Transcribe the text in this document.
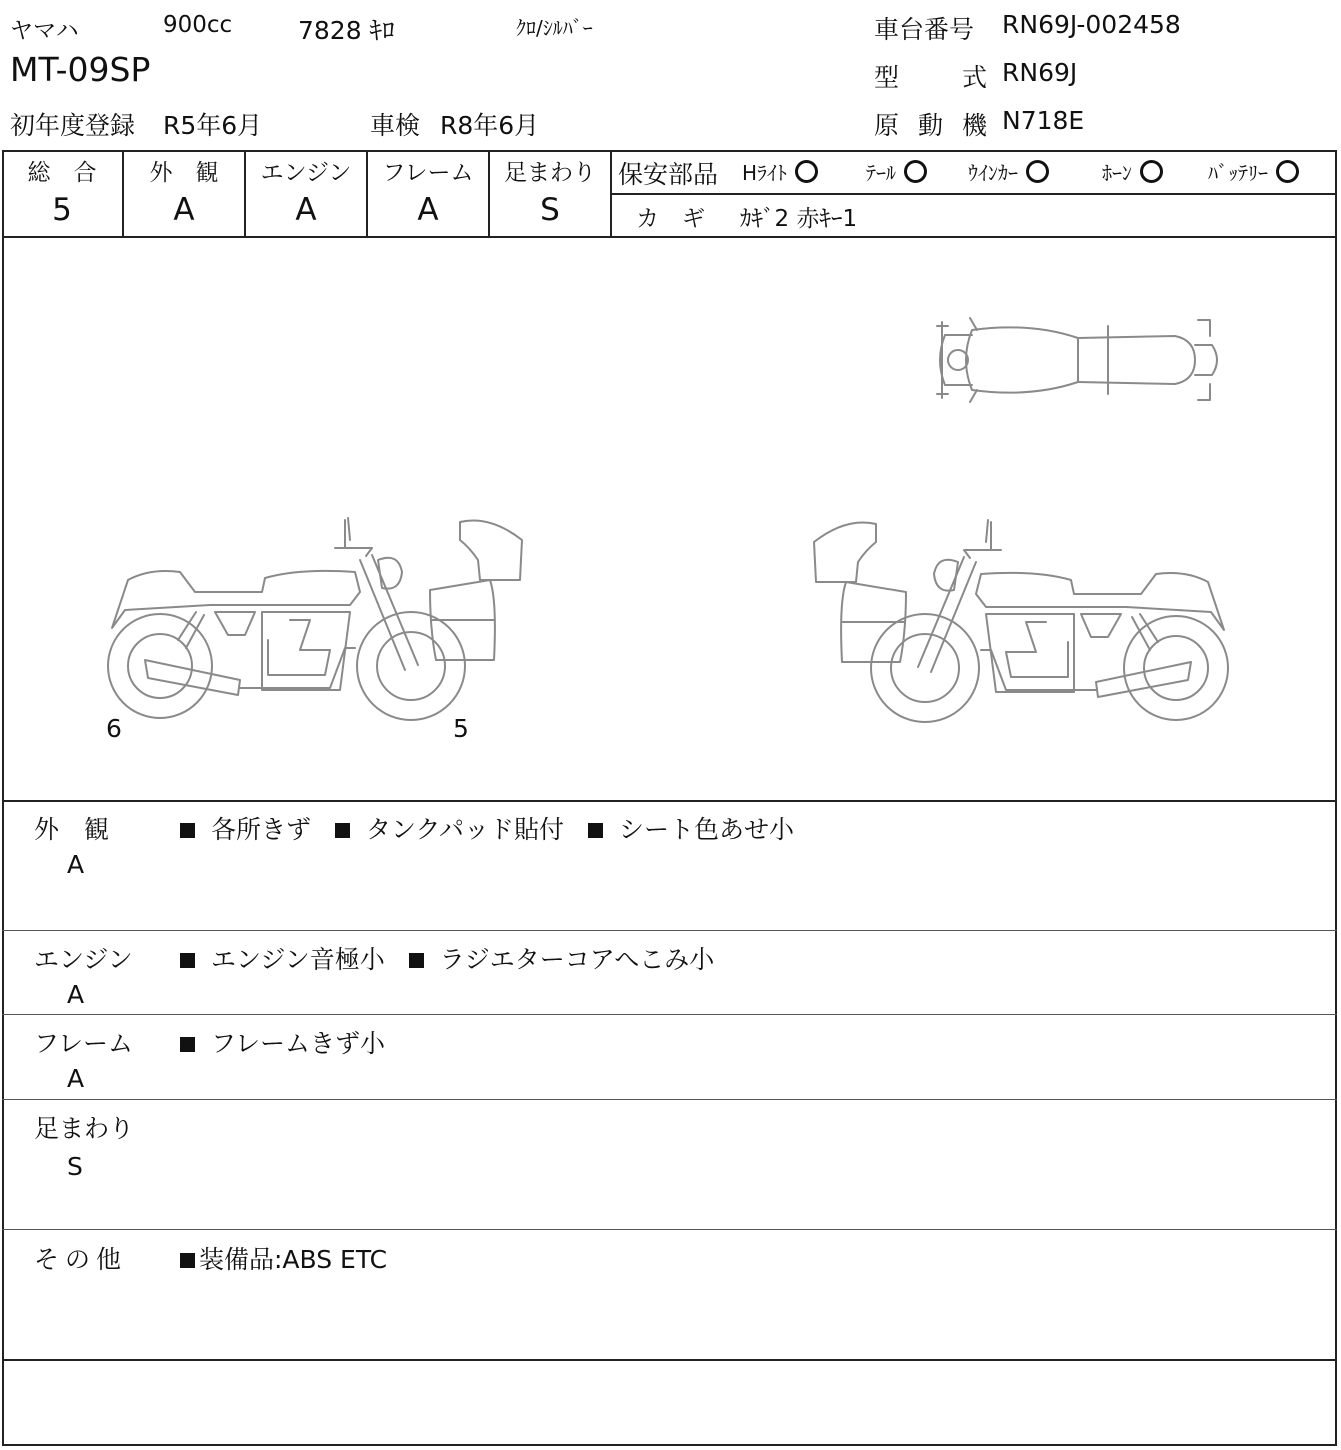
ヤマハ	900cc	7828 ｷﾛ	ｸﾛ/ｼﾙﾊﾞｰ
MT-09SP
初年度登録 R5年6月	車検 R8年6月
車台番号 RN69J-002458
型	式 RN69J
原 動 機 N718E
総　合
5
外　観
A
エンジン
A
フレーム
A
足まわり
S
保安部品 Hﾗｲﾄ	ﾃｰﾙ	ｳｲﾝｶｰ	ﾎｰﾝ	ﾊﾞｯﾃﾘｰ
カ　ギ ｶｷﾞ2 赤ｷｰ1
6	5
外　観
A
各所きず タンクパッド貼付 シート色あせ小
エンジン
A
エンジン音極小 ラジエターコアへこみ小
フレーム
A
フレームきず小
足まわり
S
その他	装備品:ABS ETC
